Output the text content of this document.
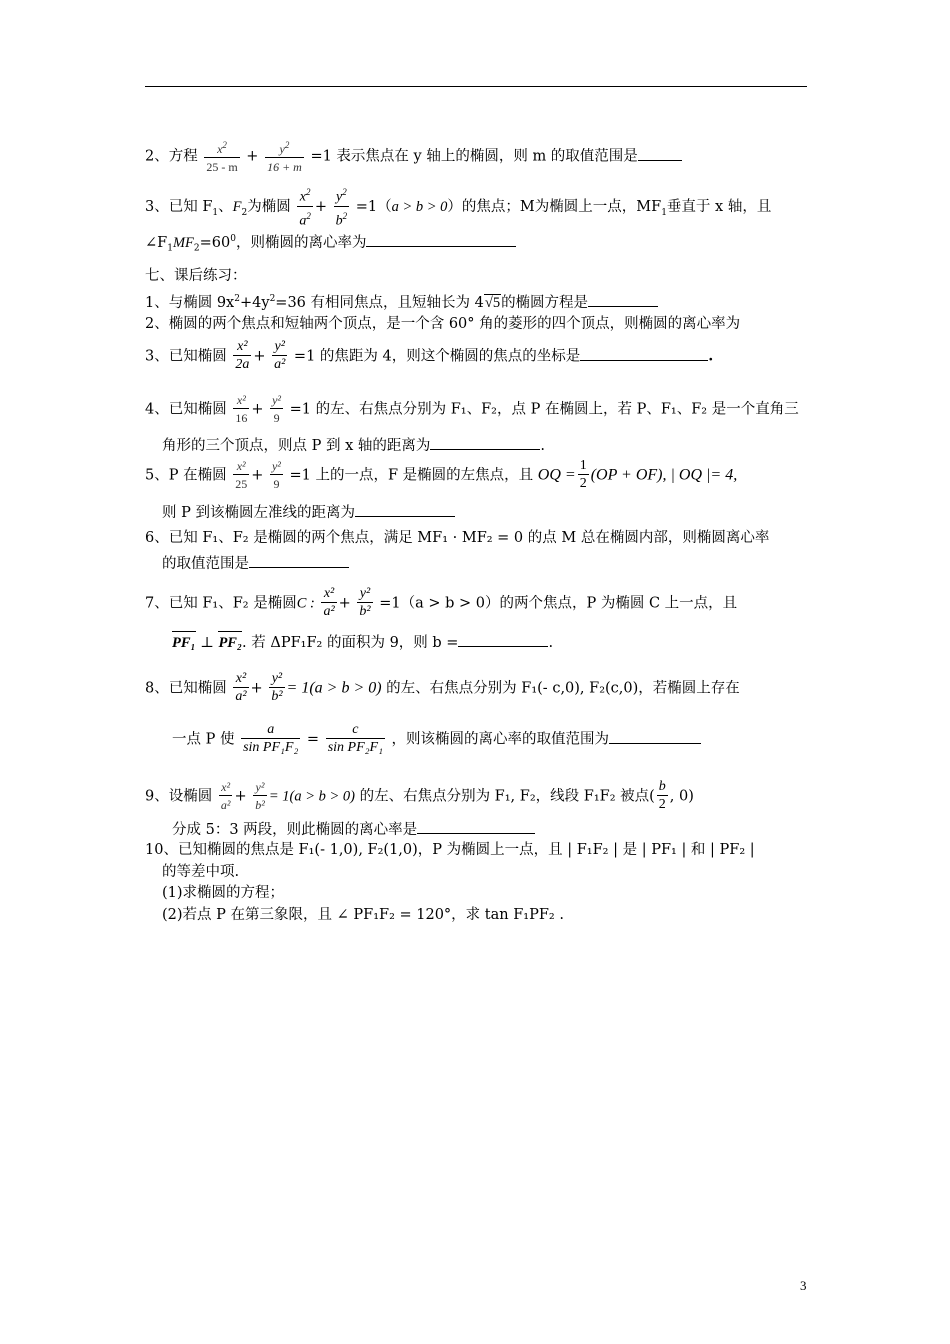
2、方程 $\frac{x^2}{25 - m} + \frac{y^2}{16 + m} =1$ 表示焦点在 y 轴上的椭圆，则 m 的取值范围是
3、已知 $F_1$、$F_2$为椭圆 $\frac{x^2}{a^2} + \frac{y^2}{b^2} =1(a > b > 0)$的焦点；M为椭圆上一点，$MF_1$垂直于 x 轴，且
$\angle F_1MF_2=60^0$，则椭圆的离心率为
七、课后练习：
1、与椭圆 $9x^2+4y^2=36$ 有相同焦点，且短轴长为 4√5的椭圆方程是
2、椭圆的两个焦点和短轴两个顶点，是一个含 60° 角的菱形的四个顶点，则椭圆的离心率为
3、已知椭圆 $\frac{\text{x²}}{2a} + \frac{\text{y²}}{\text{a²}} =1$ 的焦距为 4，则这个椭圆的焦点的坐标是	.
4、已知椭圆 $\frac{\text{x²}}{16} + \frac{\text{y²}}{9} =1$ 的左、右焦点分别为 F₁、F₂，点 P 在椭圆上，若 P、F₁、F₂ 是一个直角三
角形的三个顶点，则点 P 到 x 轴的距离为	.
5、P 在椭圆 $\frac{\text{x²}}{25} + \frac{\text{y²}}{9} =1$ 上的一点，F 是椭圆的左焦点，且 OQ = $\frac{1}{2} (OP + OF)$, | OQ |= 4,
则 P 到该椭圆左准线的距离为
6、已知 F₁、F₂ 是椭圆的两个焦点，满足 MF₁ · MF₂ = 0 的点 M 总在椭圆内部，则椭圆离心率
的取值范围是
7、已知 F₁、F₂ 是椭圆C : $\frac{\text{x²}}{\text{a²}} + \frac{\text{y²}}{\text{b²}} =1(a > b > 0)$的两个焦点，P 为椭圆 C 上一点，且
PF₁ ⊥ PF₂. 若 ΔPF₁F₂ 的面积为 9，则 b =	.
8、已知椭圆 $\frac{\text{x²}}{\text{a²}} + \frac{\text{y²}}{\text{b²}} = 1(a > b > 0)$ 的左、右焦点分别为 F₁(- c,0), F₂(c,0)，若椭圆上存在
一点 P 使 $\frac{a}{\text{sin PF₁F₂}} = \frac{c}{\text{sin PF₂F₁}}$ ，则该椭圆的离心率的取值范围为
9、设椭圆 $\frac{\text{x²}}{\text{a²}} + \frac{\text{y²}}{\text{b²}} = 1(a > b > 0)$ 的左、右焦点分别为 F₁, F₂，线段 F₁F₂ 被点( $\frac{b}{2}$ , 0)
分成 5：3 两段，则此椭圆的离心率是
10、已知椭圆的焦点是 F₁(- 1,0), F₂(1,0)，P 为椭圆上一点，且 | F₁F₂ | 是 | PF₁ | 和 | PF₂ |
的等差中项.
(1)求椭圆的方程；
(2)若点 P 在第三象限，且 ∠ PF₁F₂ = 120°，求 tan F₁PF₂ .
3
